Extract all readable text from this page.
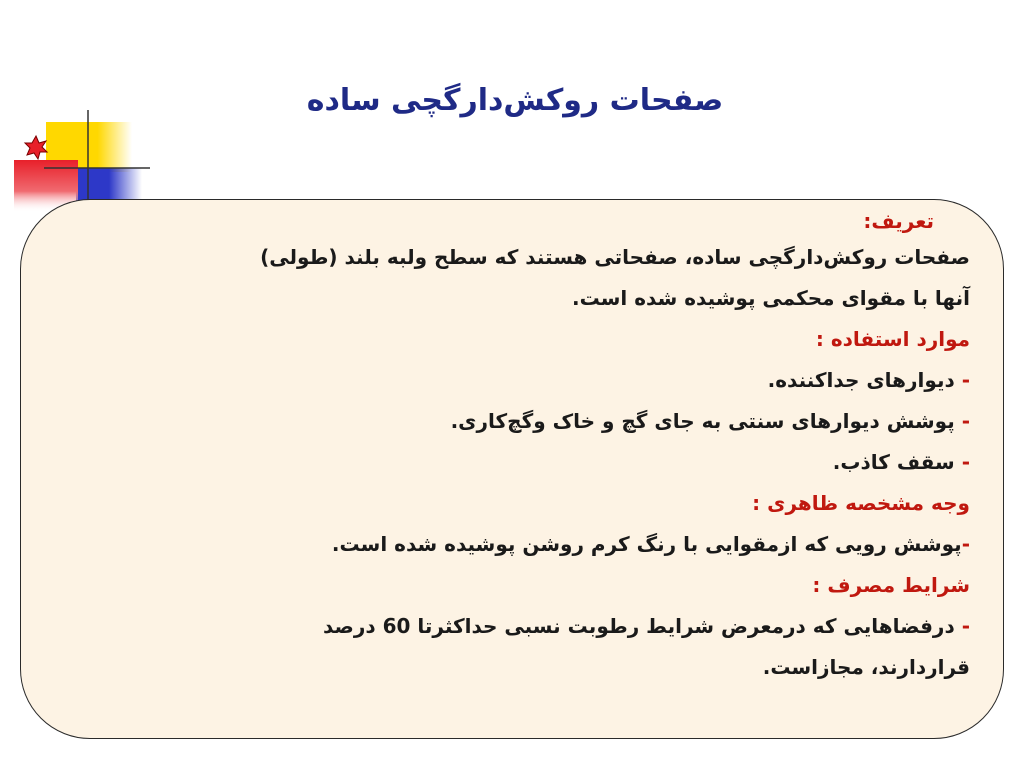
صفحات روکش‌دارگچی ساده
تعریف:
صفحات روکش‌دارگچی ساده، صفحاتی هستند که سطح ولبه بلند (طولی)
آنها با مقوای محکمی پوشیده شده است.
موارد استفاده :
- دیوارهای جداکننده.
- پوشش دیوارهای سنتی به جای گچ و خاک وگچ‌کاری.
- سقف کاذب.
وجه مشخصه ظاهری :
-پوشش رویی که ازمقوایی با رنگ کرم روشن پوشیده شده است.
شرایط مصرف :
- درفضاهایی که درمعرض شرایط رطوبت نسبی حداکثرتا 60 درصد
قراردارند، مجازاست.
